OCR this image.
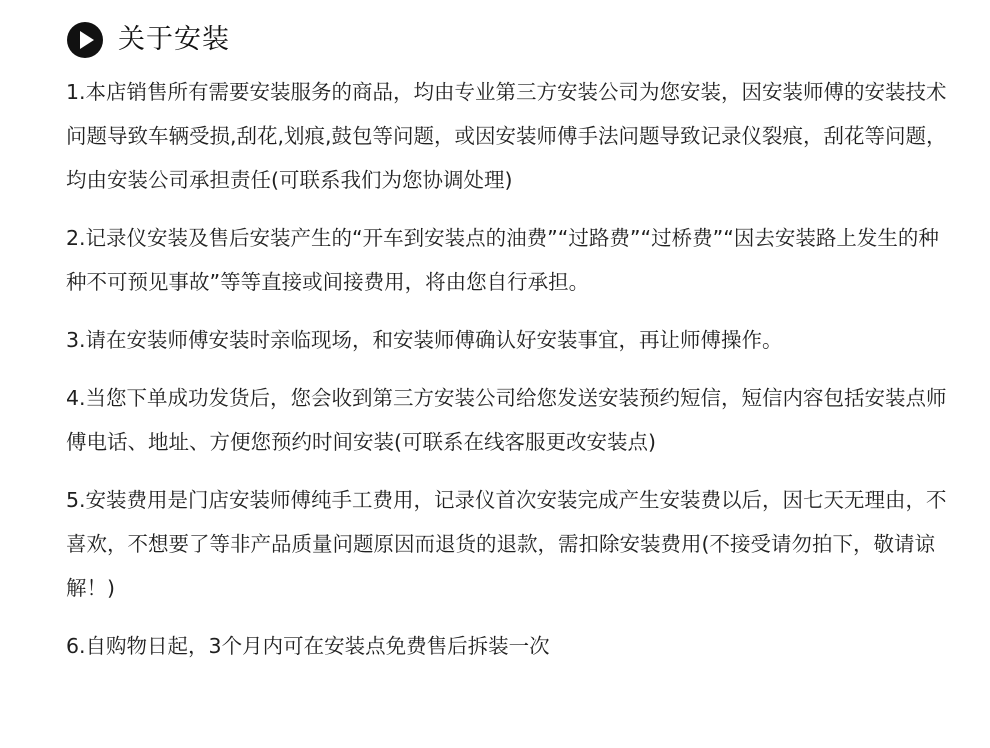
关于安装

1.本店销售所有需要安装服务的商品，均由专业第三方安装公司为您安装，因安装师傅的安装技术问题导致车辆受损,刮花,划痕,鼓包等问题，或因安装师傅手法问题导致记录仪裂痕，刮花等问题，均由安装公司承担责任(可联系我们为您协调处理)

2.记录仪安装及售后安装产生的“开车到安装点的油费”“过路费”“过桥费”“因去安装路上发生的种种不可预见事故”等等直接或间接费用，将由您自行承担。

3.请在安装师傅安装时亲临现场，和安装师傅确认好安装事宜，再让师傅操作。

4.当您下单成功发货后，您会收到第三方安装公司给您发送安装预约短信，短信内容包括安装点师傅电话、地址、方便您预约时间安装(可联系在线客服更改安装点)

5.安装费用是门店安装师傅纯手工费用，记录仪首次安装完成产生安装费以后，因七天无理由，不喜欢，不想要了等非产品质量问题原因而退货的退款，需扣除安装费用(不接受请勿拍下，敬请谅解！)

6.自购物日起，3个月内可在安装点免费售后拆装一次
